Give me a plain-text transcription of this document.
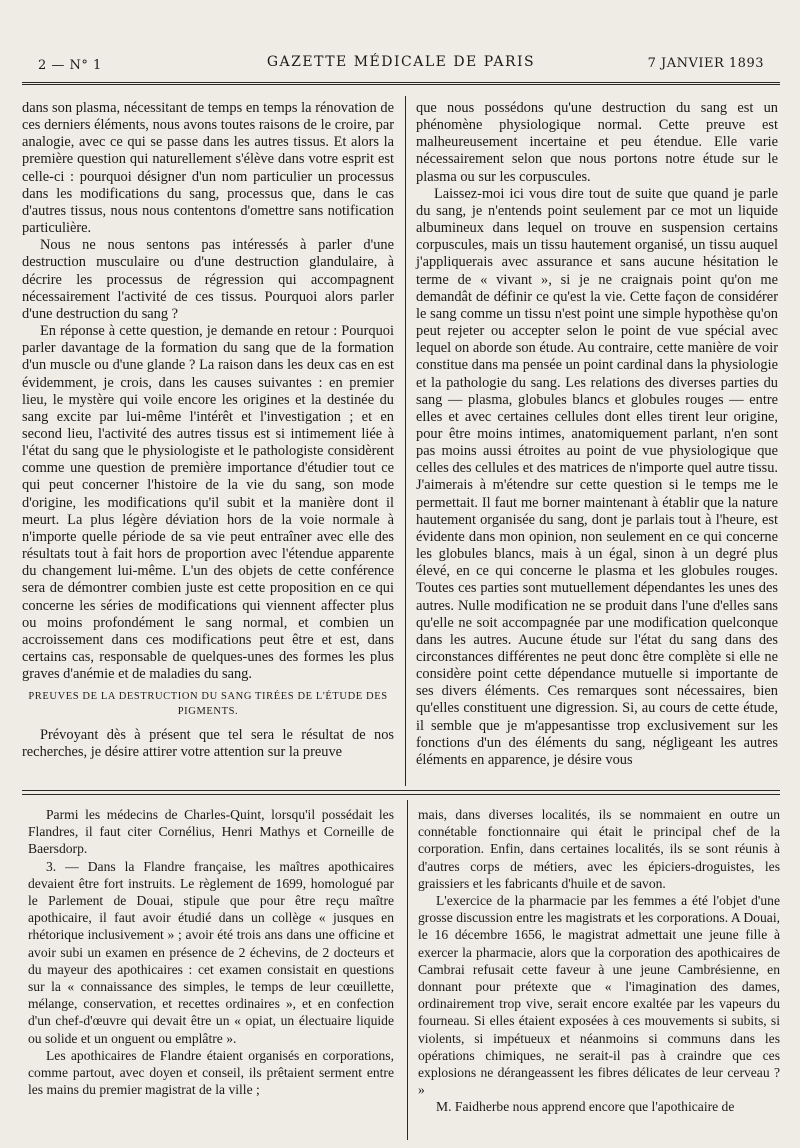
2 — N° 1	GAZETTE MÉDICALE DE PARIS	7 JANVIER 1893

dans son plasma, nécessitant de temps en temps la rénovation de ces derniers éléments, nous avons toutes raisons de le croire, par analogie, avec ce qui se passe dans les autres tissus. Et alors la première question qui naturellement s'élève dans votre esprit est celle-ci : pourquoi désigner d'un nom particulier un processus dans les modifications du sang, processus que, dans le cas d'autres tissus, nous nous contentons d'omettre sans notification particulière.

Nous ne nous sentons pas intéressés à parler d'une destruction musculaire ou d'une destruction glandulaire, à décrire les processus de régression qui accompagnent nécessairement l'activité de ces tissus. Pourquoi alors parler d'une destruction du sang ?

En réponse à cette question, je demande en retour : Pourquoi parler davantage de la formation du sang que de la formation d'un muscle ou d'une glande ? La raison dans les deux cas en est évidemment, je crois, dans les causes suivantes : en premier lieu, le mystère qui voile encore les origines et la destinée du sang excite par lui-même l'intérêt et l'investigation ; et en second lieu, l'activité des autres tissus est si intimement liée à l'état du sang que le physiologiste et le pathologiste considèrent comme une question de première importance d'étudier tout ce qui peut concerner l'histoire de la vie du sang, son mode d'origine, les modifications qu'il subit et la manière dont il meurt. La plus légère déviation hors de la voie normale à n'importe quelle période de sa vie peut entraîner avec elle des résultats tout à fait hors de proportion avec l'étendue apparente du changement lui-même. L'un des objets de cette conférence sera de démontrer combien juste est cette proposition en ce qui concerne les séries de modifications qui viennent affecter plus ou moins profondément le sang normal, et combien un accroissement dans ces modifications peut être et est, dans certains cas, responsable de quelques-unes des formes les plus graves d'anémie et de maladies du sang.

PREUVES DE LA DESTRUCTION DU SANG TIRÉES DE L'ÉTUDE DES PIGMENTS.

Prévoyant dès à présent que tel sera le résultat de nos recherches, je désire attirer votre attention sur la preuve

que nous possédons qu'une destruction du sang est un phénomène physiologique normal. Cette preuve est malheureusement incertaine et peu étendue. Elle varie nécessairement selon que nous portons notre étude sur le plasma ou sur les corpuscules.

Laissez-moi ici vous dire tout de suite que quand je parle du sang, je n'entends point seulement par ce mot un liquide albumineux dans lequel on trouve en suspension certains corpuscules, mais un tissu hautement organisé, un tissu auquel j'appliquerais avec assurance et sans aucune hésitation le terme de « vivant », si je ne craignais point qu'on me demandât de définir ce qu'est la vie. Cette façon de considérer le sang comme un tissu n'est point une simple hypothèse qu'on peut rejeter ou accepter selon le point de vue spécial avec lequel on aborde son étude. Au contraire, cette manière de voir constitue dans ma pensée un point cardinal dans la physiologie et la pathologie du sang. Les relations des diverses parties du sang — plasma, globules blancs et globules rouges — entre elles et avec certaines cellules dont elles tirent leur origine, pour être moins intimes, anatomiquement parlant, n'en sont pas moins aussi étroites au point de vue physiologique que celles des cellules et des matrices de n'importe quel autre tissu. J'aimerais à m'étendre sur cette question si le temps me le permettait. Il faut me borner maintenant à établir que la nature hautement organisée du sang, dont je parlais tout à l'heure, est évidente dans mon opinion, non seulement en ce qui concerne les globules blancs, mais à un égal, sinon à un degré plus élevé, en ce qui concerne le plasma et les globules rouges. Toutes ces parties sont mutuellement dépendantes les unes des autres. Nulle modification ne se produit dans l'une d'elles sans qu'elle ne soit accompagnée par une modification quelconque dans les autres. Aucune étude sur l'état du sang dans des circonstances différentes ne peut donc être complète si elle ne considère point cette dépendance mutuelle si importante de ses divers éléments. Ces remarques sont nécessaires, bien qu'elles constituent une digression. Si, au cours de cette étude, il semble que je m'appesantisse trop exclusivement sur les fonctions d'un des éléments du sang, négligeant les autres éléments en apparence, je désire vous

Parmi les médecins de Charles-Quint, lorsqu'il possédait les Flandres, il faut citer Cornélius, Henri Mathys et Corneille de Baersdorp.

3. — Dans la Flandre française, les maîtres apothicaires devaient être fort instruits. Le règlement de 1699, homologué par le Parlement de Douai, stipule que pour être reçu maître apothicaire, il faut avoir étudié dans un collège « jusques en rhétorique inclusivement » ; avoir été trois ans dans une officine et avoir subi un examen en présence de 2 échevins, de 2 docteurs et du mayeur des apothicaires : cet examen consistait en questions sur la « connaissance des simples, le temps de leur cœuillette, mélange, conservation, et recettes ordinaires », et en confection d'un chef-d'œuvre qui devait être un « opiat, un électuaire liquide ou solide et un onguent ou emplâtre ».

Les apothicaires de Flandre étaient organisés en corporations, comme partout, avec doyen et conseil, ils prêtaient serment entre les mains du premier magistrat de la ville ;

mais, dans diverses localités, ils se nommaient en outre un connétable fonctionnaire qui était le principal chef de la corporation. Enfin, dans certaines localités, ils se sont réunis à d'autres corps de métiers, avec les épiciers-droguistes, les graissiers et les fabricants d'huile et de savon.

L'exercice de la pharmacie par les femmes a été l'objet d'une grosse discussion entre les magistrats et les corporations. A Douai, le 16 décembre 1656, le magistrat admettait une jeune fille à exercer la pharmacie, alors que la corporation des apothicaires de Cambrai refusait cette faveur à une jeune Cambrésienne, en donnant pour prétexte que « l'imagination des dames, ordinairement trop vive, serait encore exaltée par les vapeurs du fourneau. Si elles étaient exposées à ces mouvements si subits, si violents, si impétueux et néanmoins si communs dans les opérations chimiques, ne serait-il pas à craindre que ces explosions ne dérangeassent les fibres délicates de leur cerveau ? »

M. Faidherbe nous apprend encore que l'apothicaire de
